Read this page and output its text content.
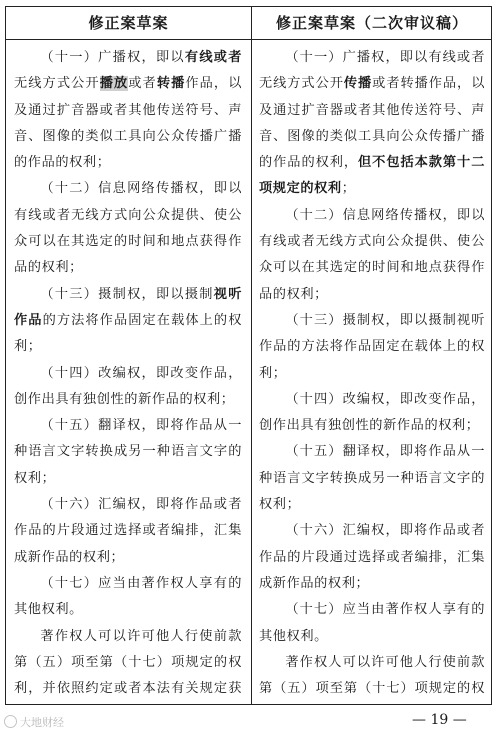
修正案草案	修正案草案（二次审议稿）

（十一）广播权，即以有线或者无线方式公开播放或者转播作品，以及通过扩音器或者其他传送符号、声音、图像的类似工具向公众传播广播的作品的权利；

（十二）信息网络传播权，即以有线或者无线方式向公众提供、使公众可以在其选定的时间和地点获得作品的权利；

（十三）摄制权，即以摄制视听作品的方法将作品固定在载体上的权利；

（十四）改编权，即改变作品，创作出具有独创性的新作品的权利；

（十五）翻译权，即将作品从一种语言文字转换成另一种语言文字的权利；

（十六）汇编权，即将作品或者作品的片段通过选择或者编排，汇集成新作品的权利；

（十七）应当由著作权人享有的其他权利。

著作权人可以许可他人行使前款第（五）项至第（十七）项规定的权利，并依照约定或者本法有关规定获

（十一）广播权，即以有线或者无线方式公开传播或者转播作品，以及通过扩音器或者其他传送符号、声音、图像的类似工具向公众传播广播的作品的权利，但不包括本款第十二项规定的权利；

（十二）信息网络传播权，即以有线或者无线方式向公众提供、使公众可以在其选定的时间和地点获得作品的权利；

（十三）摄制权，即以摄制视听作品的方法将作品固定在载体上的权利；

（十四）改编权，即改变作品，创作出具有独创性的新作品的权利；

（十五）翻译权，即将作品从一种语言文字转换成另一种语言文字的权利；

（十六）汇编权，即将作品或者作品的片段通过选择或者编排，汇集成新作品的权利；

（十七）应当由著作权人享有的其他权利。

著作权人可以许可他人行使前款第（五）项至第（十七）项规定的权

大地财经	— 19 —
